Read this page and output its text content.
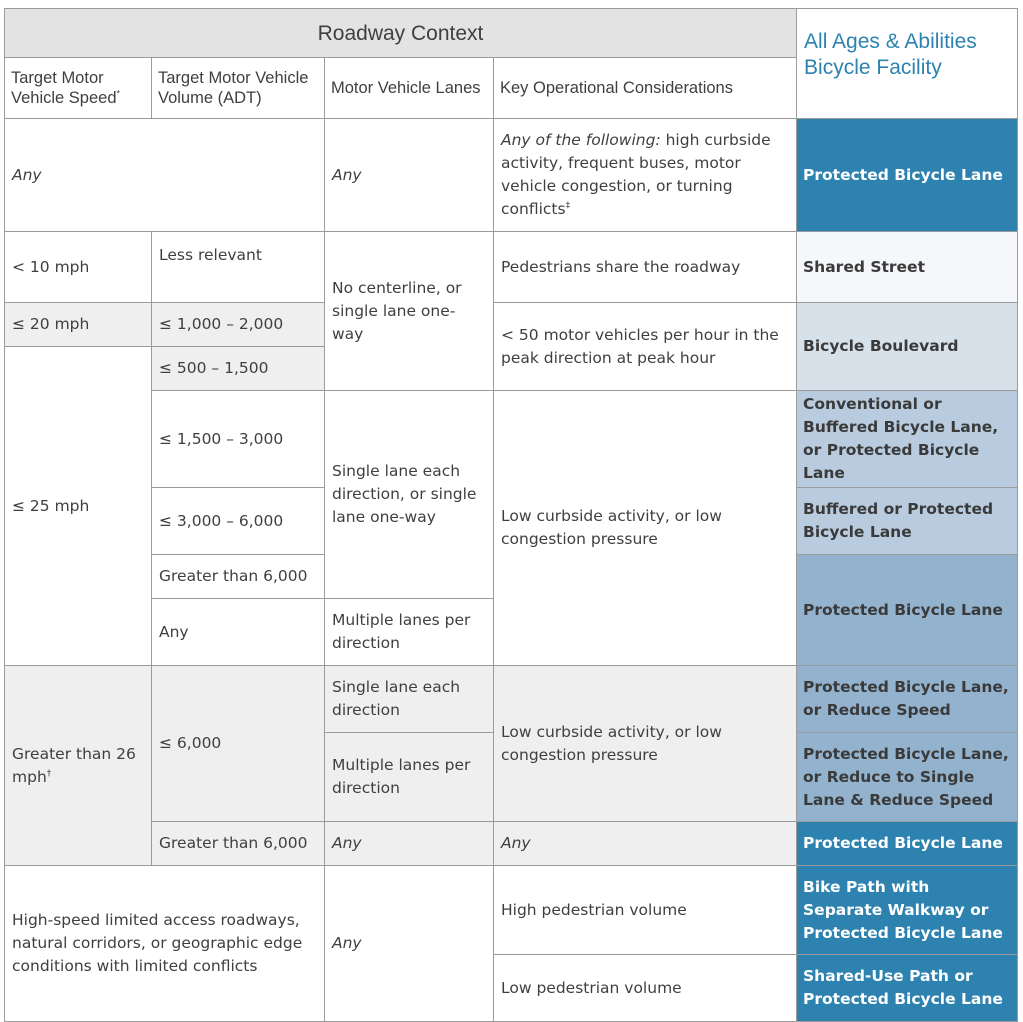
Roadway Context				All Ages & Abilities Bicycle Facility
Target Motor Vehicle Speed*	Target Motor Vehicle Volume (ADT)	Motor Vehicle Lanes	Key Operational Considerations	
Any		Any	Any of the following: high curbside activity, frequent buses, motor vehicle congestion, or turning conflicts‡	Protected Bicycle Lane
< 10 mph	Less relevant	No centerline, or single lane one-way	Pedestrians share the roadway	Shared Street
≤ 20 mph	≤ 1,000 – 2,000		< 50 motor vehicles per hour in the peak direction at peak hour	Bicycle Boulevard
≤ 25 mph	≤ 500 – 1,500			
	≤ 1,500 – 3,000	Single lane each direction, or single lane one-way	Low curbside activity, or low congestion pressure	Conventional or Buffered Bicycle Lane, or Protected Bicycle Lane
	≤ 3,000 – 6,000			Buffered or Protected Bicycle Lane
	Greater than 6,000			Protected Bicycle Lane
	Any	Multiple lanes per direction		
Greater than 26 mph†	≤ 6,000	Single lane each direction	Low curbside activity, or low congestion pressure	Protected Bicycle Lane, or Reduce Speed
		Multiple lanes per direction		Protected Bicycle Lane, or Reduce to Single Lane & Reduce Speed
	Greater than 6,000	Any	Any	Protected Bicycle Lane
High-speed limited access roadways, natural corridors, or geographic edge conditions with limited conflicts		Any	High pedestrian volume	Bike Path with Separate Walkway or Protected Bicycle Lane
			Low pedestrian volume	Shared-Use Path or Protected Bicycle Lane
